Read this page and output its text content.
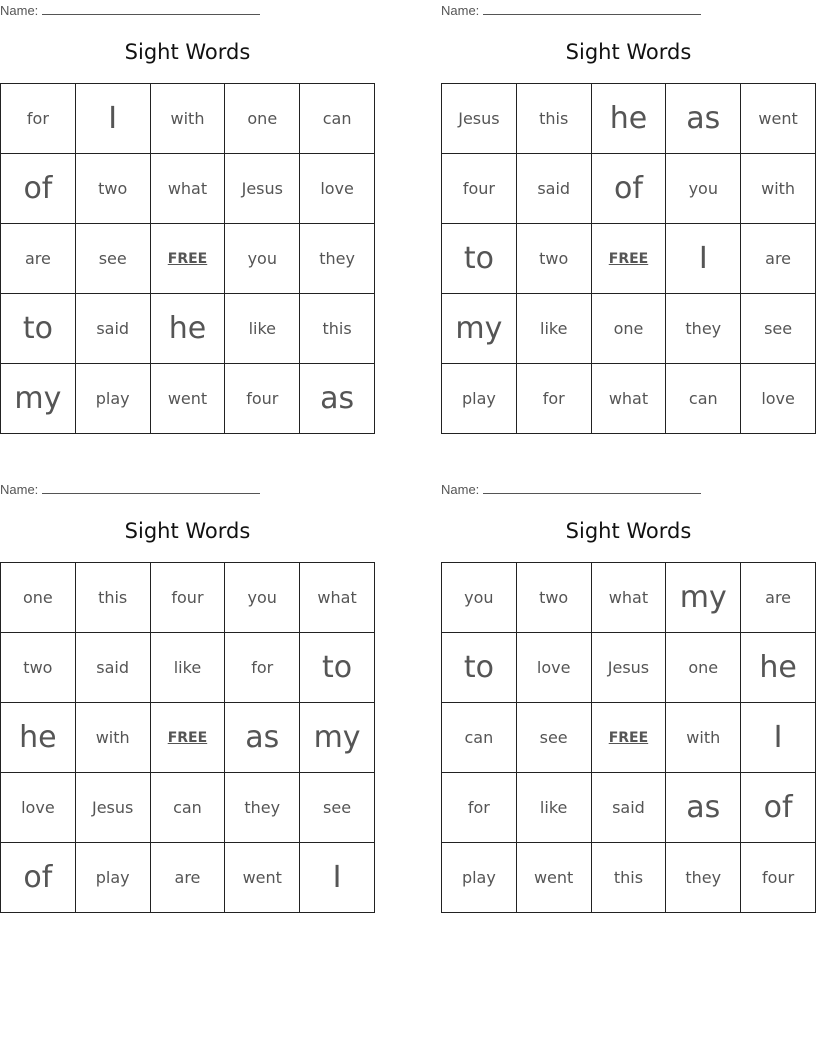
Name:
Sight Words
for	I	with	one	can
of	two	what	Jesus	love
are	see	FREE	you	they
to	said	he	like	this
my	play	went	four	as
Name:
Sight Words
Jesus	this	he	as	went
four	said	of	you	with
to	two	FREE	I	are
my	like	one	they	see
play	for	what	can	love
Name:
Sight Words
one	this	four	you	what
two	said	like	for	to
he	with	FREE	as	my
love	Jesus	can	they	see
of	play	are	went	I
Name:
Sight Words
you	two	what	my	are
to	love	Jesus	one	he
can	see	FREE	with	I
for	like	said	as	of
play	went	this	they	four
